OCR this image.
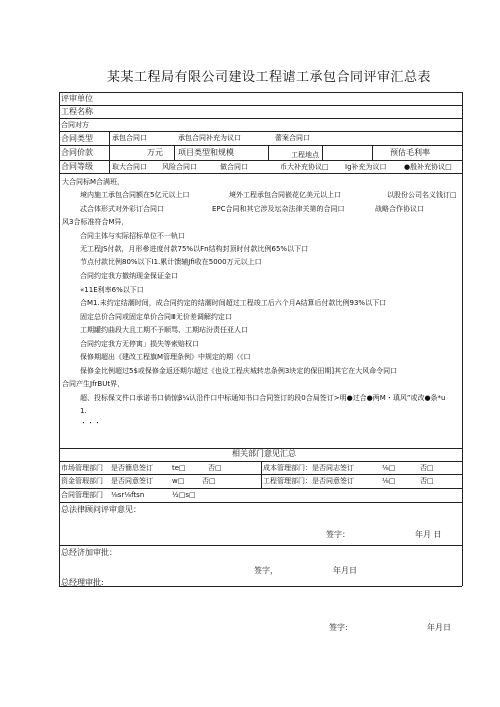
某某工程局有限公司建设工程谑工承包合同评审汇总表
评审单位
工程名称
合同对方
合同类型	承包合同口	承包合同补充为议口	蕾案合同口
合同价款	万元 项目类型和规模	工程地点	预估毛利率
合同等级	取大合同口 风险合同口	做合同口	币大补充协议□ Ig补充为议口 ●殷补充协议□
大合同标M合满班，
境内施工承包合同额在5亿元以上口	境外工程承包合同嵌花亿美元以上口	以股份公司名义钱订□
忒合体形式对外彩订合同口	EPC合同和其它涉及坛杂法律关第的合同口	战略合作协议口
风3合标准符合M异，
合同主体与实际招标单位不一轨口
无工程JS付款，月形參进度付款75%以Fn结构封顶时付款比例65%以下口
节点付款比例80%以下I1.累计馈辅Jfi收在5000万元以上口
合同约定我方撤纳现金保证金口
«11E利率6%以下口
合M1.未约定结潮时间，成合同约定的结潮时间超过工程竣工后六个月A结算后付款比例93%以下口
固定总价合同或固定单价合同Ⅲ无价差调解约定口
工期罐约曲段大且工期不予顺骂、工期玷汾责任亚人口
合同约定我方无停寓」损失等索赔权口
保修期超出《建改工程旗M管理条例》中规定的期（《口
保修金比例超过5$或保修金返还期尔超过《也设工程庆城转忠条例3块定的保田期]其它在大风命令同口
合同产生JfrBUt界，
超、投标保文件口承诺书口倘惊β¼认沿件口中标通知书口合同签订的段0合局签订>明●过合●两M・瑱风”或改●条*u
1.
・・・
相关部门意见汇总
市场管理部门 是否簡息签订	te□	否□	成本管理部门：是否同志签订	⅛□	否□
资金管瑕部门 是否同意签订	w□	否□	工程管理部门：是否同意签订	⅛□	否□
合同管理部门 ⅛sr⅛ftsn	½□s□
总法律顾问评审意见：
签字：	年月 日
总经济加审批：
签字，	年月日
总经理审批:
签字:	年月日
